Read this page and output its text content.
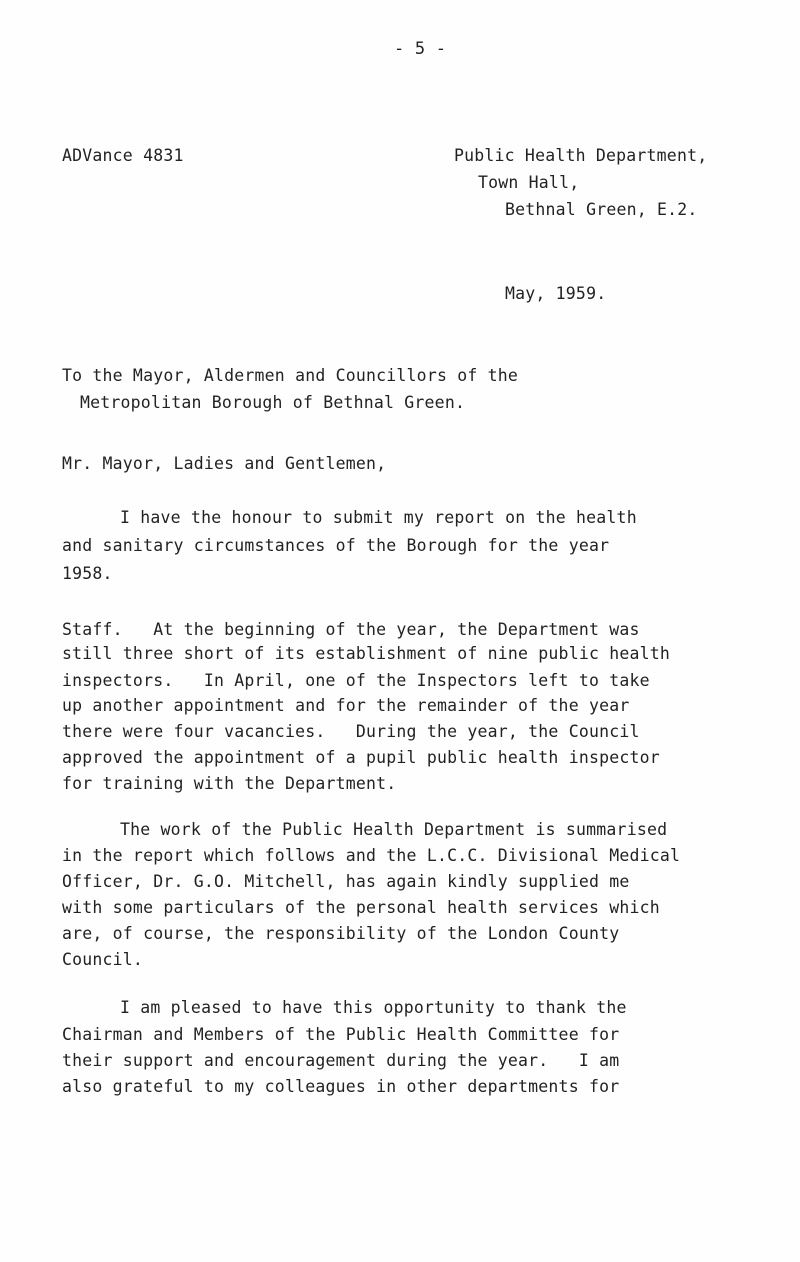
- 5 -
ADVance 4831	Public Health Department,
Town Hall,
Bethnal Green, E.2.
May, 1959.
To the Mayor, Aldermen and Councillors of the
Metropolitan Borough of Bethnal Green.
Mr. Mayor, Ladies and Gentlemen,
I have the honour to submit my report on the health
and sanitary circumstances of the Borough for the year
1958.
Staff.   At the beginning of the year, the Department was
still three short of its establishment of nine public health
inspectors.   In April, one of the Inspectors left to take
up another appointment and for the remainder of the year
there were four vacancies.   During the year, the Council
approved the appointment of a pupil public health inspector
for training with the Department.
The work of the Public Health Department is summarised
in the report which follows and the L.C.C. Divisional Medical
Officer, Dr. G.O. Mitchell, has again kindly supplied me
with some particulars of the personal health services which
are, of course, the responsibility of the London County
Council.
I am pleased to have this opportunity to thank the
Chairman and Members of the Public Health Committee for
their support and encouragement during the year.   I am
also grateful to my colleagues in other departments for
